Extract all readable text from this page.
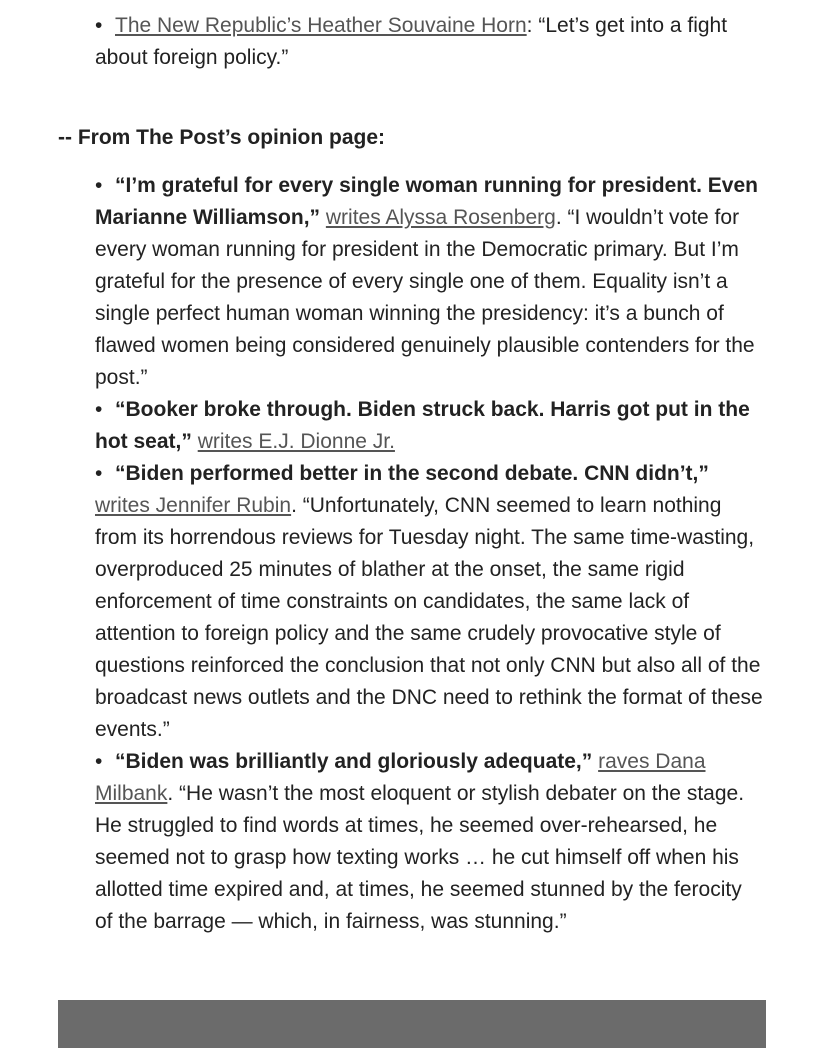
• The New Republic’s Heather Souvaine Horn: “Let’s get into a fight about foreign policy.”

-- From The Post’s opinion page:

• “I’m grateful for every single woman running for president. Even Marianne Williamson,” writes Alyssa Rosenberg. “I wouldn’t vote for every woman running for president in the Democratic primary. But I’m grateful for the presence of every single one of them. Equality isn’t a single perfect human woman winning the presidency: it’s a bunch of flawed women being considered genuinely plausible contenders for the post.”
• “Booker broke through. Biden struck back. Harris got put in the hot seat,” writes E.J. Dionne Jr.
• “Biden performed better in the second debate. CNN didn’t,” writes Jennifer Rubin. “Unfortunately, CNN seemed to learn nothing from its horrendous reviews for Tuesday night. The same time-wasting, overproduced 25 minutes of blather at the onset, the same rigid enforcement of time constraints on candidates, the same lack of attention to foreign policy and the same crudely provocative style of questions reinforced the conclusion that not only CNN but also all of the broadcast news outlets and the DNC need to rethink the format of these events.”
• “Biden was brilliantly and gloriously adequate,” raves Dana Milbank. “He wasn’t the most eloquent or stylish debater on the stage. He struggled to find words at times, he seemed over-rehearsed, he seemed not to grasp how texting works … he cut himself off when his allotted time expired and, at times, he seemed stunned by the ferocity of the barrage — which, in fairness, was stunning.”
